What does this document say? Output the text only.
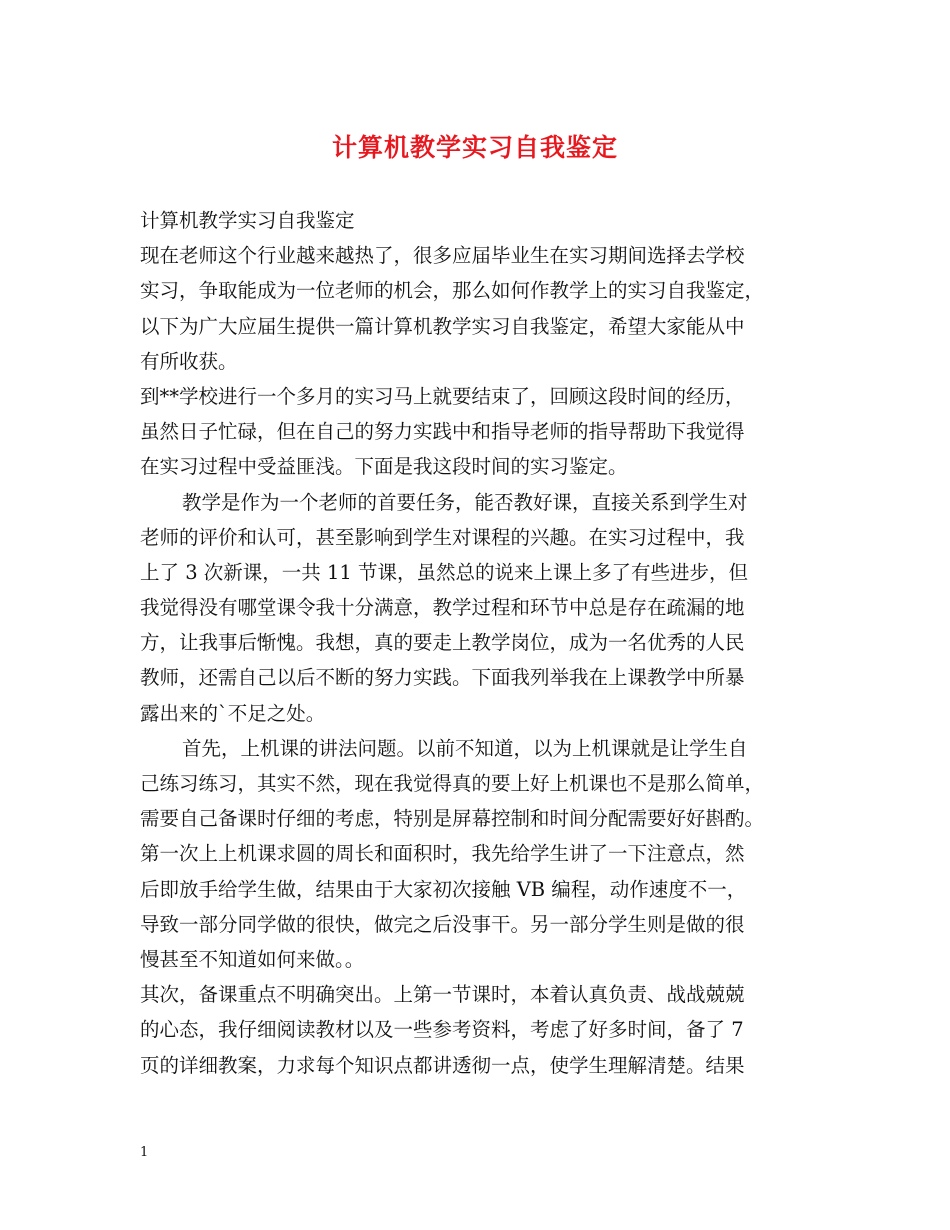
计算机教学实习自我鉴定
计算机教学实习自我鉴定
现在老师这个行业越来越热了，很多应届毕业生在实习期间选择去学校
实习，争取能成为一位老师的机会，那么如何作教学上的实习自我鉴定，
以下为广大应届生提供一篇计算机教学实习自我鉴定，希望大家能从中
有所收获。
到**学校进行一个多月的实习马上就要结束了，回顾这段时间的经历，
虽然日子忙碌，但在自己的努力实践中和指导老师的指导帮助下我觉得
在实习过程中受益匪浅。下面是我这段时间的实习鉴定。
教学是作为一个老师的首要任务，能否教好课，直接关系到学生对
老师的评价和认可，甚至影响到学生对课程的兴趣。在实习过程中，我
上了 3 次新课，一共 11 节课，虽然总的说来上课上多了有些进步，但
我觉得没有哪堂课令我十分满意，教学过程和环节中总是存在疏漏的地
方，让我事后惭愧。我想，真的要走上教学岗位，成为一名优秀的人民
教师，还需自己以后不断的努力实践。下面我列举我在上课教学中所暴
露出来的`不足之处。
首先，上机课的讲法问题。以前不知道，以为上机课就是让学生自
己练习练习，其实不然，现在我觉得真的要上好上机课也不是那么简单，
需要自己备课时仔细的考虑，特别是屏幕控制和时间分配需要好好斟酌。
第一次上上机课求圆的周长和面积时，我先给学生讲了一下注意点，然
后即放手给学生做，结果由于大家初次接触 VB 编程，动作速度不一，
导致一部分同学做的很快，做完之后没事干。另一部分学生则是做的很
慢甚至不知道如何来做。。
其次，备课重点不明确突出。上第一节课时，本着认真负责、战战兢兢
的心态，我仔细阅读教材以及一些参考资料，考虑了好多时间，备了 7
页的详细教案，力求每个知识点都讲透彻一点，使学生理解清楚。结果
1
